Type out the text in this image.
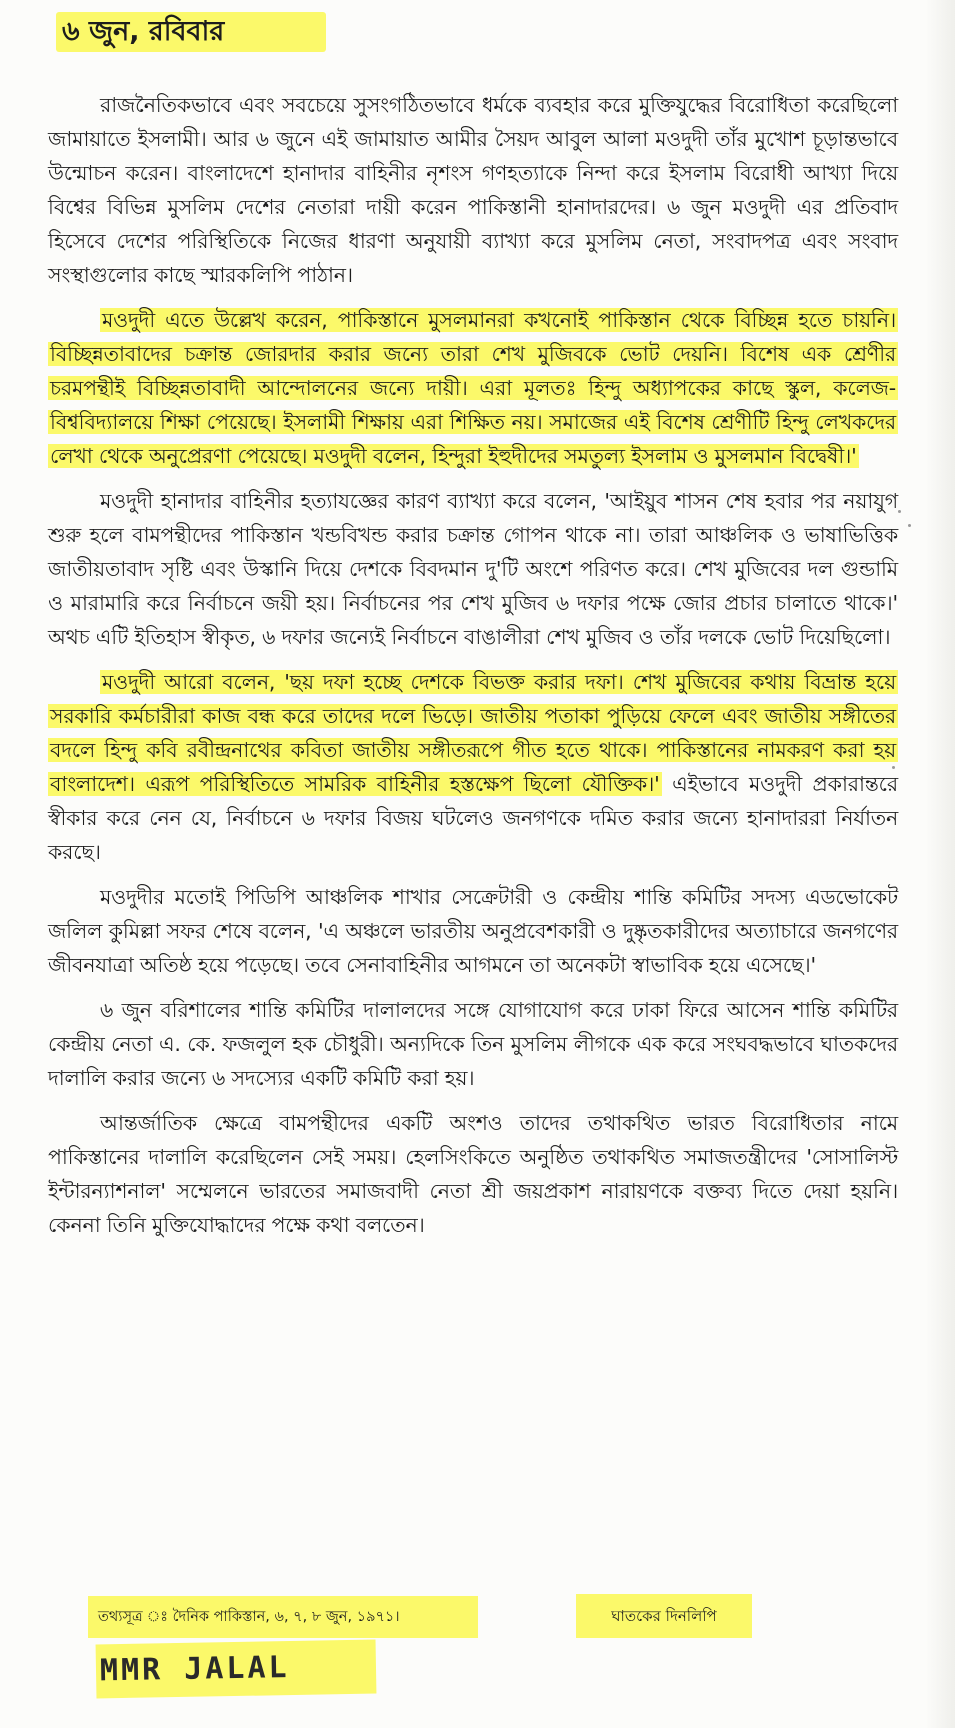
৬ জুন, রবিবার

রাজনৈতিকভাবে এবং সবচেয়ে সুসংগঠিতভাবে ধর্মকে ব্যবহার করে মুক্তিযুদ্ধের বিরোধিতা করেছিলো জামায়াতে ইসলামী। আর ৬ জুনে এই জামায়াত আমীর সৈয়দ আবুল আলা মওদুদী তাঁর মুখোশ চূড়ান্তভাবে উন্মোচন করেন। বাংলাদেশে হানাদার বাহিনীর নৃশংস গণহত্যাকে নিন্দা করে ইসলাম বিরোধী আখ্যা দিয়ে বিশ্বের বিভিন্ন মুসলিম দেশের নেতারা দায়ী করেন পাকিস্তানী হানাদারদের। ৬ জুন মওদুদী এর প্রতিবাদ হিসেবে দেশের পরিস্থিতিকে নিজের ধারণা অনুযায়ী ব্যাখ্যা করে মুসলিম নেতা, সংবাদপত্র এবং সংবাদ সংস্থাগুলোর কাছে স্মারকলিপি পাঠান।

মওদুদী এতে উল্লেখ করেন, পাকিস্তানে মুসলমানরা কখনোই পাকিস্তান থেকে বিচ্ছিন্ন হতে চায়নি। বিচ্ছিন্নতাবাদের চক্রান্ত জোরদার করার জন্যে তারা শেখ মুজিবকে ভোট দেয়নি। বিশেষ এক শ্রেণীর চরমপন্থীই বিচ্ছিন্নতাবাদী আন্দোলনের জন্যে দায়ী। এরা মূলতঃ হিন্দু অধ্যাপকের কাছে স্কুল, কলেজ-বিশ্ববিদ্যালয়ে শিক্ষা পেয়েছে। ইসলামী শিক্ষায় এরা শিক্ষিত নয়। সমাজের এই বিশেষ শ্রেণীটি হিন্দু লেখকদের লেখা থেকে অনুপ্রেরণা পেয়েছে। মওদুদী বলেন, হিন্দুরা ইহুদীদের সমতুল্য ইসলাম ও মুসলমান বিদ্বেষী।'

মওদুদী হানাদার বাহিনীর হত্যাযজ্ঞের কারণ ব্যাখ্যা করে বলেন, 'আইয়ুব শাসন শেষ হবার পর নয়াযুগ শুরু হলে বামপন্থীদের পাকিস্তান খন্ডবিখন্ড করার চক্রান্ত গোপন থাকে না। তারা আঞ্চলিক ও ভাষাভিত্তিক জাতীয়তাবাদ সৃষ্টি এবং উস্কানি দিয়ে দেশকে বিবদমান দু'টি অংশে পরিণত করে। শেখ মুজিবের দল গুন্ডামি ও মারামারি করে নির্বাচনে জয়ী হয়। নির্বাচনের পর শেখ মুজিব ৬ দফার পক্ষে জোর প্রচার চালাতে থাকে।' অথচ এটি ইতিহাস স্বীকৃত, ৬ দফার জন্যেই নির্বাচনে বাঙালীরা শেখ মুজিব ও তাঁর দলকে ভোট দিয়েছিলো।

মওদুদী আরো বলেন, 'ছয় দফা হচ্ছে দেশকে বিভক্ত করার দফা। শেখ মুজিবের কথায় বিভ্রান্ত হয়ে সরকারি কর্মচারীরা কাজ বন্ধ করে তাদের দলে ভিড়ে। জাতীয় পতাকা পুড়িয়ে ফেলে এবং জাতীয় সঙ্গীতের বদলে হিন্দু কবি রবীন্দ্রনাথের কবিতা জাতীয় সঙ্গীতরূপে গীত হতে থাকে। পাকিস্তানের নামকরণ করা হয় বাংলাদেশ। এরূপ পরিস্থিতিতে সামরিক বাহিনীর হস্তক্ষেপ ছিলো যৌক্তিক।' এইভাবে মওদুদী প্রকারান্তরে স্বীকার করে নেন যে, নির্বাচনে ৬ দফার বিজয় ঘটলেও জনগণকে দমিত করার জন্যে হানাদাররা নির্যাতন করছে।

মওদুদীর মতোই পিডিপি আঞ্চলিক শাখার সেক্রেটারী ও কেন্দ্রীয় শান্তি কমিটির সদস্য এডভোকেট জলিল কুমিল্লা সফর শেষে বলেন, 'এ অঞ্চলে ভারতীয় অনুপ্রবেশকারী ও দুষ্কৃতকারীদের অত্যাচারে জনগণের জীবনযাত্রা অতিষ্ঠ হয়ে পড়েছে। তবে সেনাবাহিনীর আগমনে তা অনেকটা স্বাভাবিক হয়ে এসেছে।'

৬ জুন বরিশালের শান্তি কমিটির দালালদের সঙ্গে যোগাযোগ করে ঢাকা ফিরে আসেন শান্তি কমিটির কেন্দ্রীয় নেতা এ. কে. ফজলুল হক চৌধুরী। অন্যদিকে তিন মুসলিম লীগকে এক করে সংঘবদ্ধভাবে ঘাতকদের দালালি করার জন্যে ৬ সদস্যের একটি কমিটি করা হয়।

আন্তর্জাতিক ক্ষেত্রে বামপন্থীদের একটি অংশও তাদের তথাকথিত ভারত বিরোধিতার নামে পাকিস্তানের দালালি করেছিলেন সেই সময়। হেলসিংকিতে অনুষ্ঠিত তথাকথিত সমাজতন্ত্রীদের 'সোসালিস্ট ইন্টারন্যাশনাল' সম্মেলনে ভারতের সমাজবাদী নেতা শ্রী জয়প্রকাশ নারায়ণকে বক্তব্য দিতে দেয়া হয়নি। কেননা তিনি মুক্তিযোদ্ধাদের পক্ষে কথা বলতেন।

তথ্যসূত্র ঃ দৈনিক পাকিস্তান, ৬, ৭, ৮ জুন, ১৯৭১।	ঘাতকের দিনলিপি
MMR JALAL
